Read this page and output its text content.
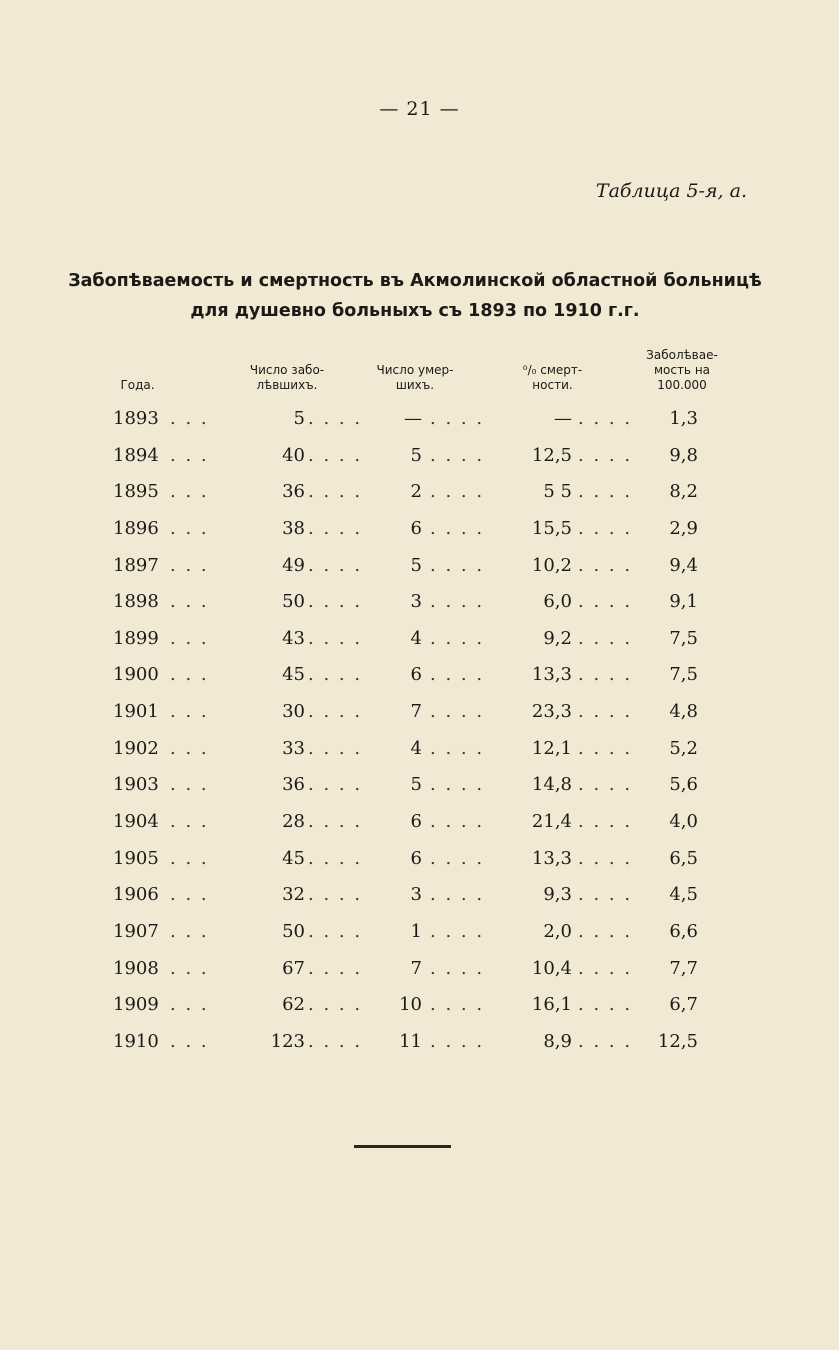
— 21 —
Таблица 5-я, а.
Забопѣваемость и смертность въ Акмолинской областной больницѣ
для душевно больныхъ съ 1893 по 1910 г.г.
Года.
Число забо-
лѣвшихъ.
Число умер-
шихъ.
⁰/₀ смерт-
ности.
Заболѣвае-
мость на
100.000
1893 . . .	5 . . . .	— . . . .	— . . . .	1,3
1894 . . .	40 . . . .	5 . . . .	12,5 . . . .	9,8
1895 . . .	36 . . . .	2 . . . .	5 5 . . . .	8,2
1896 . . .	38 . . . .	6 . . . .	15,5 . . . .	2,9
1897 . . .	49 . . . .	5 . . . .	10,2 . . . .	9,4
1898 . . .	50 . . . .	3 . . . .	6,0 . . . .	9,1
1899 . . .	43 . . . .	4 . . . .	9,2 . . . .	7,5
1900 . . .	45 . . . .	6 . . . .	13,3 . . . .	7,5
1901 . . .	30 . . . .	7 . . . .	23,3 . . . .	4,8
1902 . . .	33 . . . .	4 . . . .	12,1 . . . .	5,2
1903 . . .	36 . . . .	5 . . . .	14,8 . . . .	5,6
1904 . . .	28 . . . .	6 . . . .	21,4 . . . .	4,0
1905 . . .	45 . . . .	6 . . . .	13,3 . . . .	6,5
1906 . . .	32 . . . .	3 . . . .	9,3 . . . .	4,5
1907 . . .	50 . . . .	1 . . . .	2,0 . . . .	6,6
1908 . . .	67 . . . .	7 . . . .	10,4 . . . .	7,7
1909 . . .	62 . . . .	10 . . . .	16,1 . . . .	6,7
1910 . . .	123 . . . .	11 . . . .	8,9 . . . .	12,5
